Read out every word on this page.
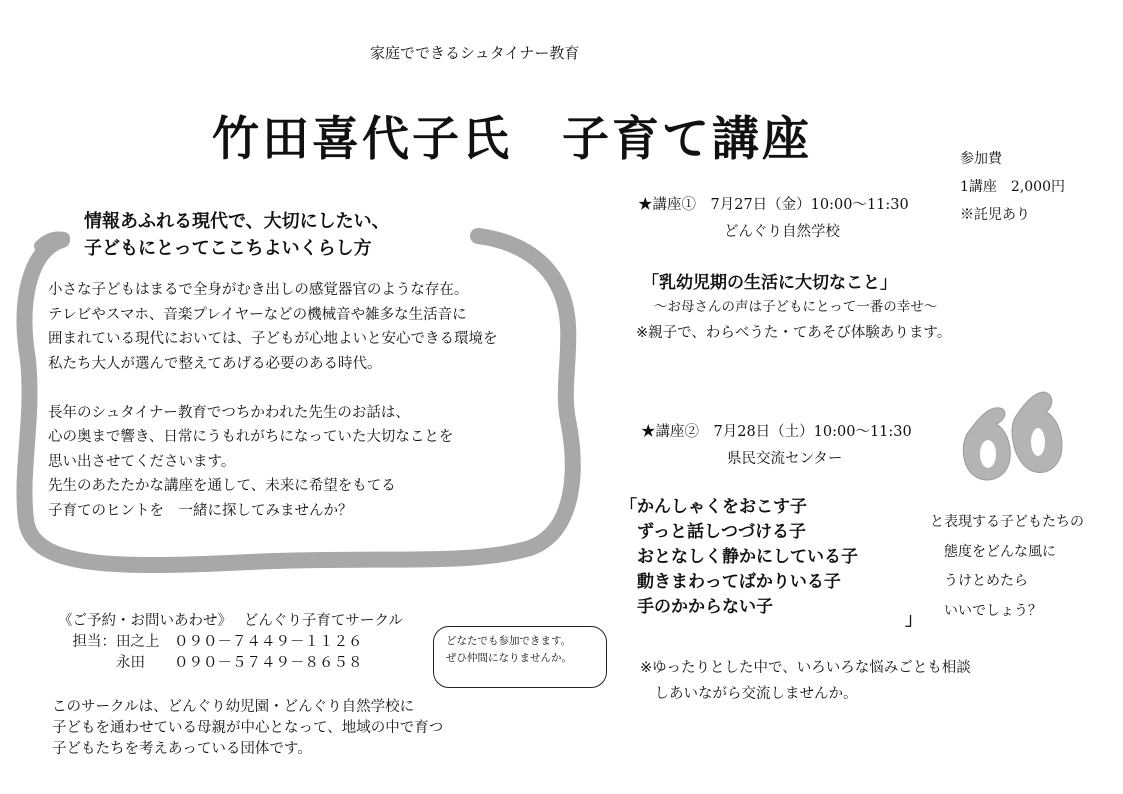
家庭でできるシュタイナー教育
竹田喜代子氏　子育て講座	参加費
1講座　2,000円
※託児あり
情報あふれる現代で、大切にしたい、
子どもにとってここちよいくらし方

小さな子どもはまるで全身がむき出しの感覚器官のような存在。
テレビやスマホ、音楽プレイヤーなどの機械音や雑多な生活音に
囲まれている現代においては、子どもが心地よいと安心できる環境を
私たち大人が選んで整えてあげる必要のある時代。

長年のシュタイナー教育でつちかわれた先生のお話は、
心の奥まで響き、日常にうもれがちになっていた大切なことを
思い出させてくださいます。
先生のあたたかな講座を通して、未来に希望をもてる
子育てのヒントを　一緒に探してみませんか？

★講座①　7月27日（金）10:00～11:30
どんぐり自然学校
「乳幼児期の生活に大切なこと」
～お母さんの声は子どもにとって一番の幸せ～
※親子で、わらべうた・てあそび体験あります。
★講座②　7月28日（土）10:00～11:30
県民交流センター
「かんしゃくをおこす子
　ずっと話しつづける子
　おとなしく静かにしている子
　動きまわってばかりいる子
　手のかからない子
」
と表現する子どもたちの
　態度をどんな風に
　うけとめたら
　いいでしょう？
※ゆったりとした中で、いろいろな悩みごとも相談
　しあいながら交流しませんか。
《ご予約・お問いあわせ》　 どんぐり子育てサークル
　担当：田之上　０９０－７４４９－１１２６
　　　　永田　　０９０－５７４９－８６５８
どなたでも参加できます。
ぜひ仲間になりませんか。
このサークルは、どんぐり幼児園・どんぐり自然学校に
子どもを通わせている母親が中心となって、地域の中で育つ
子どもたちを考えあっている団体です。
